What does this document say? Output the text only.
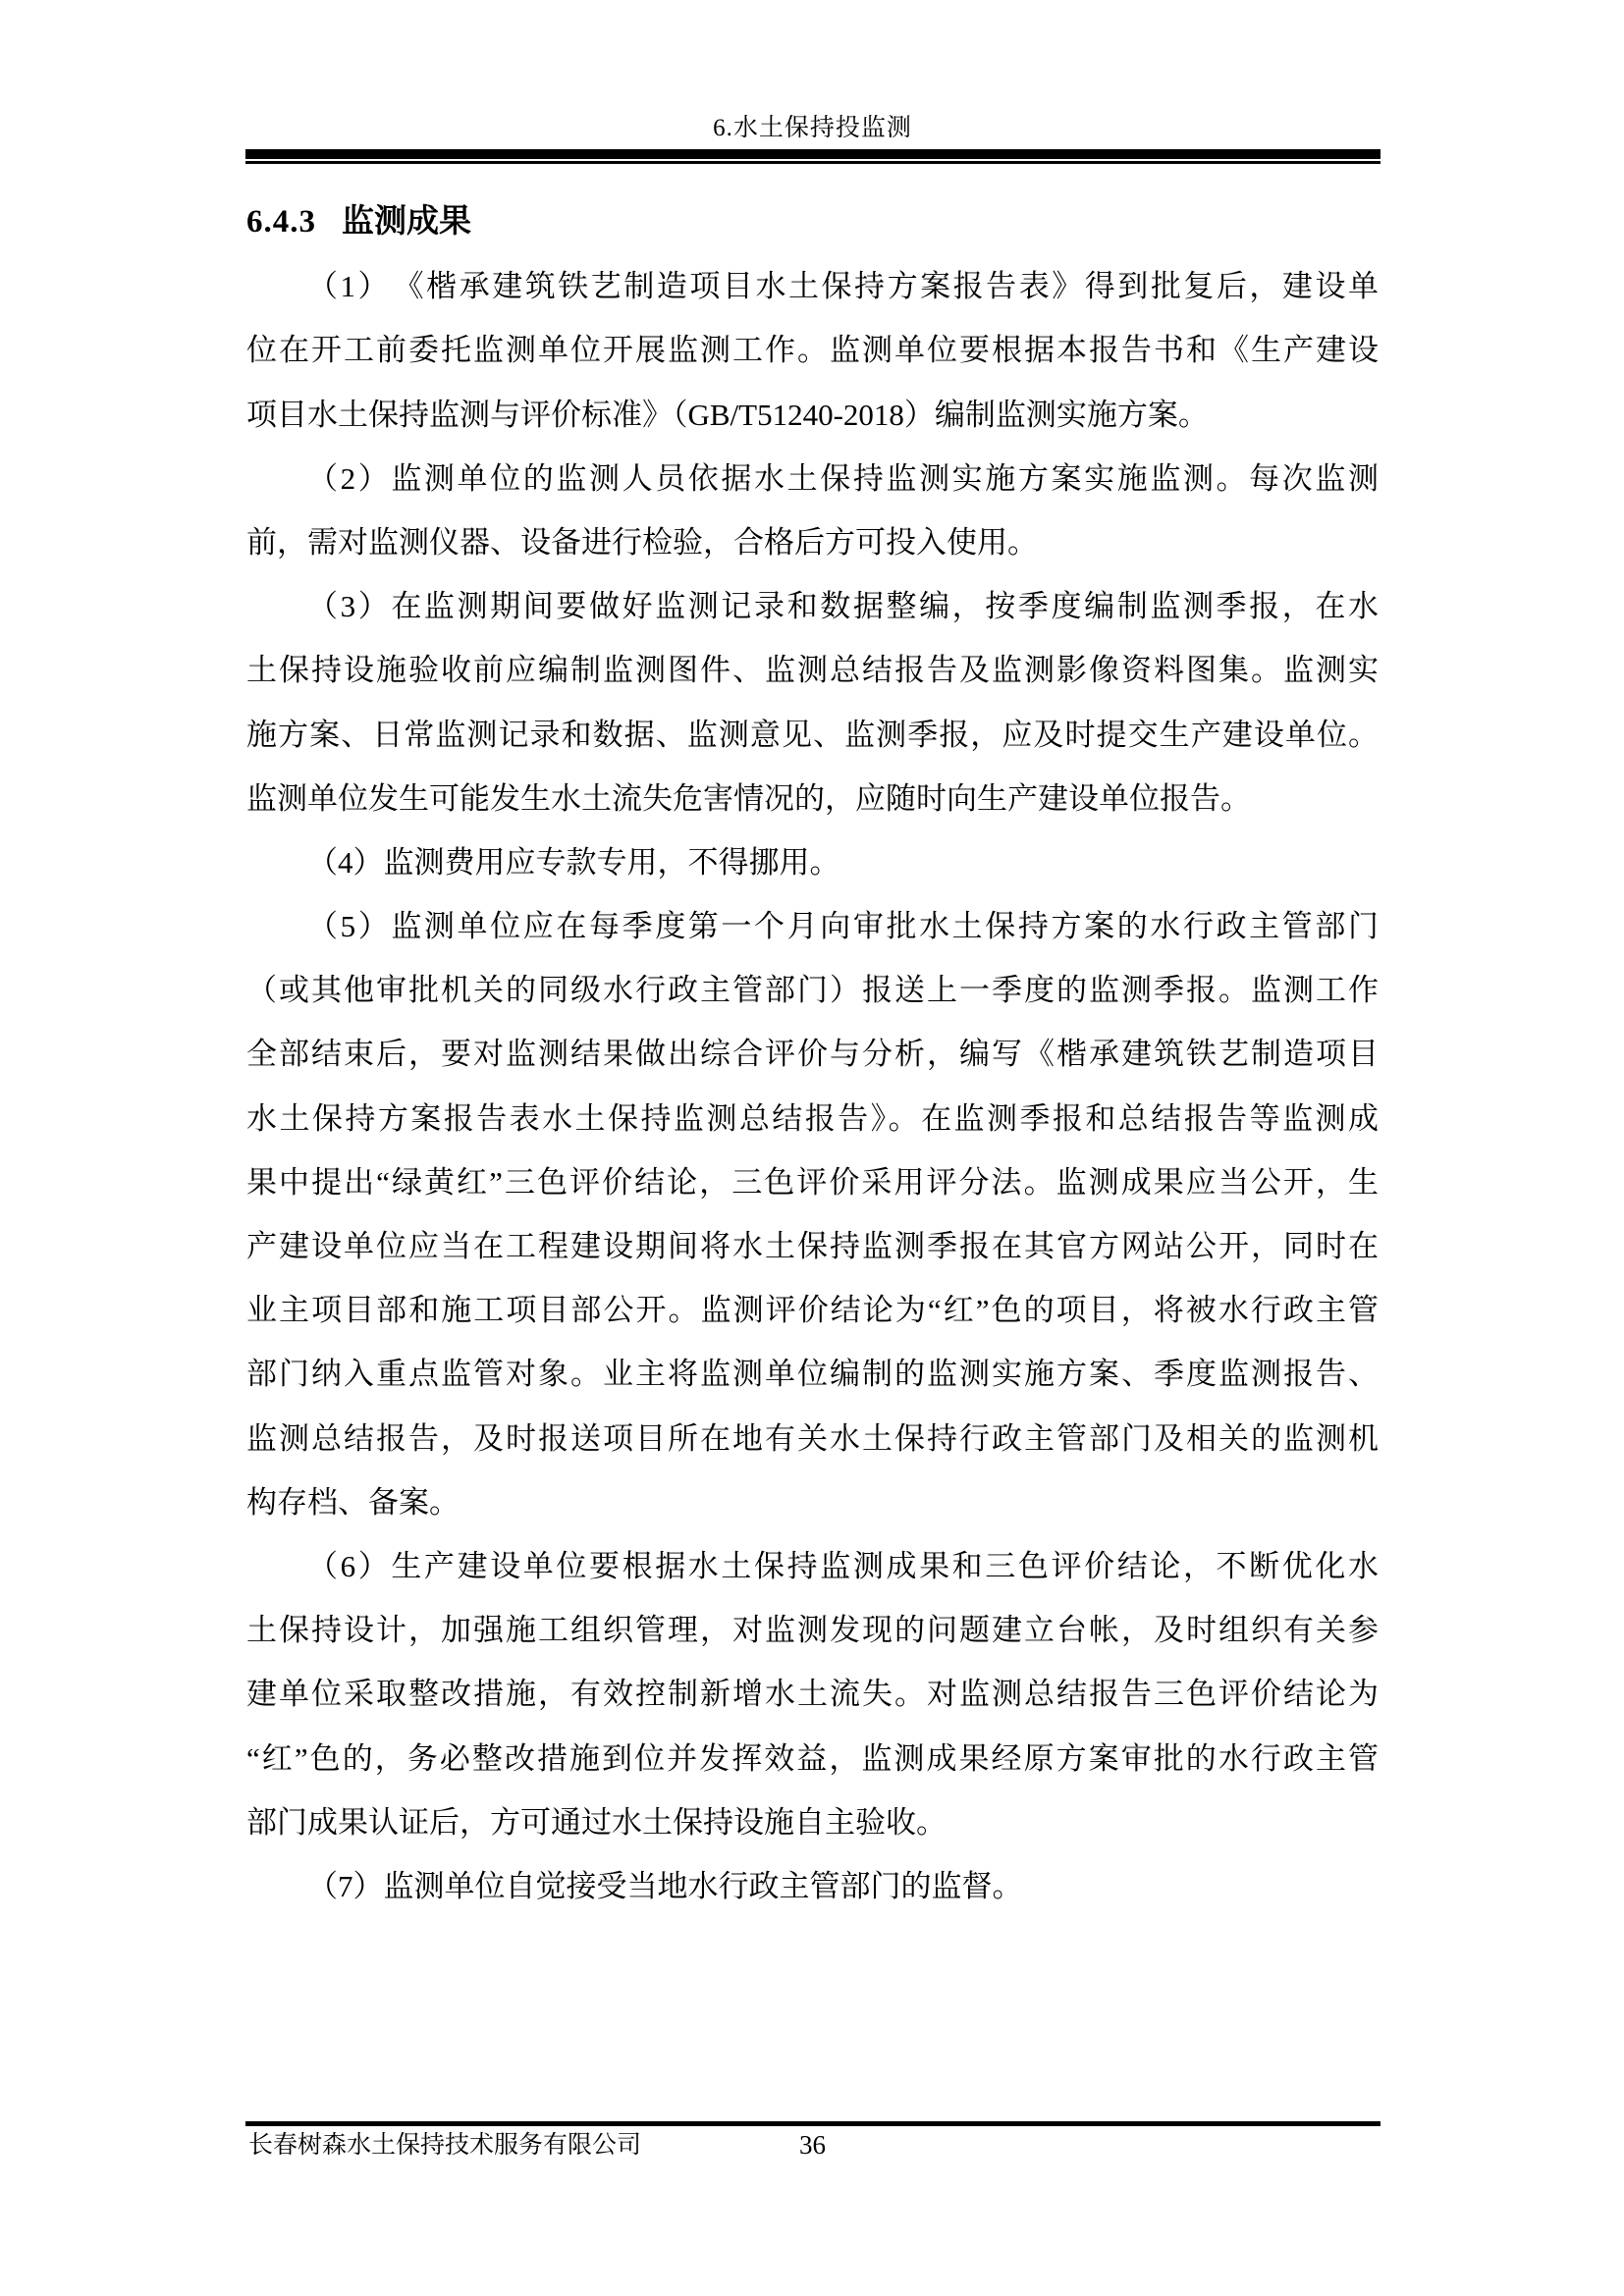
6.水土保持投监测
6.4.3 监测成果
（1）　《楷承建筑铁艺制造项目水土保持方案报告表》得到批复后，建设单
位在开工前委托监测单位开展监测工作。监测单位要根据本报告书和《生产建设
项目水土保持监测与评价标准》（GB/T51240-2018）编制监测实施方案。
（2）监测单位的监测人员依据水土保持监测实施方案实施监测。每次监测
前，需对监测仪器、设备进行检验，合格后方可投入使用。
（3）在监测期间要做好监测记录和数据整编，按季度编制监测季报，在水
土保持设施验收前应编制监测图件、监测总结报告及监测影像资料图集。监测实
施方案、日常监测记录和数据、监测意见、监测季报，应及时提交生产建设单位。
监测单位发生可能发生水土流失危害情况的，应随时向生产建设单位报告。
（4）监测费用应专款专用，不得挪用。
（5）监测单位应在每季度第一个月向审批水土保持方案的水行政主管部门
（或其他审批机关的同级水行政主管部门）报送上一季度的监测季报。监测工作
全部结束后，要对监测结果做出综合评价与分析，编写《楷承建筑铁艺制造项目
水土保持方案报告表水土保持监测总结报告》。在监测季报和总结报告等监测成
果中提出“绿黄红”三色评价结论，三色评价采用评分法。监测成果应当公开，生
产建设单位应当在工程建设期间将水土保持监测季报在其官方网站公开，同时在
业主项目部和施工项目部公开。监测评价结论为“红”色的项目，将被水行政主管
部门纳入重点监管对象。业主将监测单位编制的监测实施方案、季度监测报告、
监测总结报告，及时报送项目所在地有关水土保持行政主管部门及相关的监测机
构存档、备案。
（6）生产建设单位要根据水土保持监测成果和三色评价结论，不断优化水
土保持设计，加强施工组织管理，对监测发现的问题建立台帐，及时组织有关参
建单位采取整改措施，有效控制新增水土流失。对监测总结报告三色评价结论为
“红”色的，务必整改措施到位并发挥效益，监测成果经原方案审批的水行政主管
部门成果认证后，方可通过水土保持设施自主验收。
（7）监测单位自觉接受当地水行政主管部门的监督。
长春树森水土保持技术服务有限公司	36
